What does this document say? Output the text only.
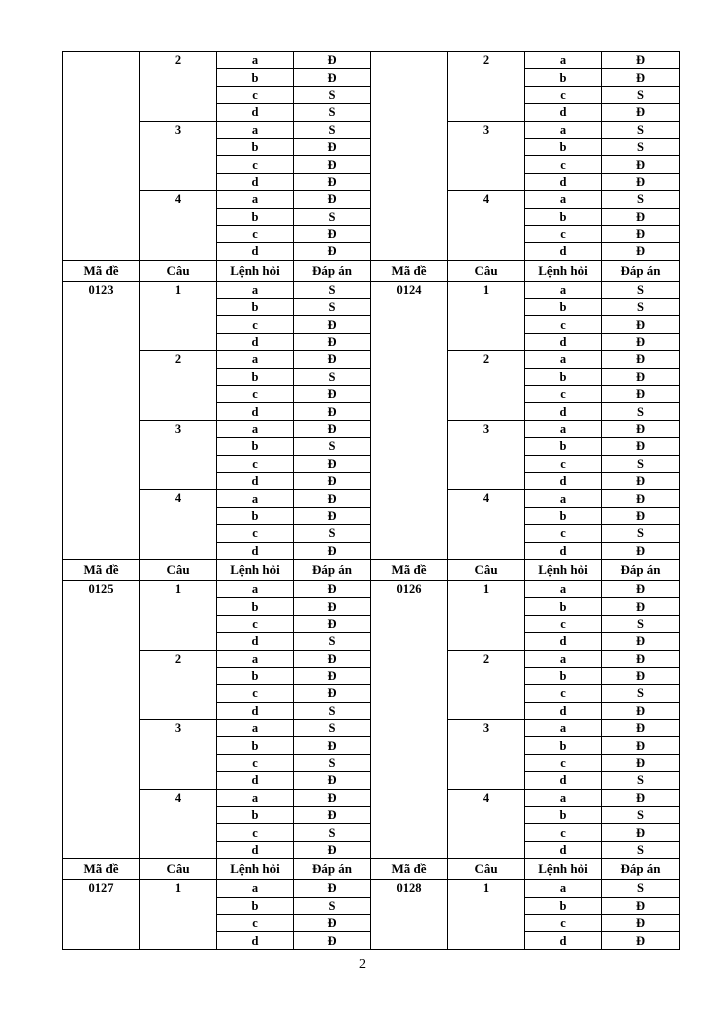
	2	a	Đ		2	a	Đ
		b	Đ			b	Đ
		c	S			c	S
		d	S			d	Đ
	3	a	S		3	a	S
		b	Đ			b	S
		c	Đ			c	Đ
		d	Đ			d	Đ
	4	a	Đ		4	a	S
		b	S			b	Đ
		c	Đ			c	Đ
		d	Đ			d	Đ
Mã đề	Câu	Lệnh hỏi	Đáp án	Mã đề	Câu	Lệnh hỏi	Đáp án
0123	1	a	S	0124	1	a	S
		b	S			b	S
		c	Đ			c	Đ
		d	Đ			d	Đ
	2	a	Đ		2	a	Đ
		b	S			b	Đ
		c	Đ			c	Đ
		d	Đ			d	S
	3	a	Đ		3	a	Đ
		b	S			b	Đ
		c	Đ			c	S
		d	Đ			d	Đ
	4	a	Đ		4	a	Đ
		b	Đ			b	Đ
		c	S			c	S
		d	Đ			d	Đ
Mã đề	Câu	Lệnh hỏi	Đáp án	Mã đề	Câu	Lệnh hỏi	Đáp án
0125	1	a	Đ	0126	1	a	Đ
		b	Đ			b	Đ
		c	Đ			c	S
		d	S			d	Đ
	2	a	Đ		2	a	Đ
		b	Đ			b	Đ
		c	Đ			c	S
		d	S			d	Đ
	3	a	S		3	a	Đ
		b	Đ			b	Đ
		c	S			c	Đ
		d	Đ			d	S
	4	a	Đ		4	a	Đ
		b	Đ			b	S
		c	S			c	Đ
		d	Đ			d	S
Mã đề	Câu	Lệnh hỏi	Đáp án	Mã đề	Câu	Lệnh hỏi	Đáp án
0127	1	a	Đ	0128	1	a	S
		b	S			b	Đ
		c	Đ			c	Đ
		d	Đ			d	Đ
2
